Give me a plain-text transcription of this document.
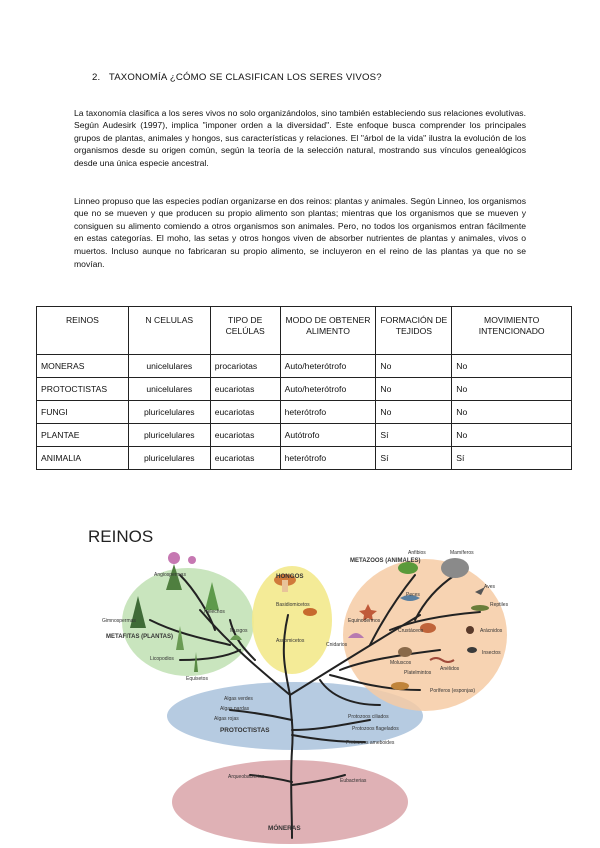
2. TAXONOMÍA ¿CÓMO SE CLASIFICAN LOS SERES VIVOS?

La taxonomía clasifica a los seres vivos no solo organizándolos, sino también estableciendo sus relaciones evolutivas. Según Audesirk (1997), implica "imponer orden a la diversidad". Este enfoque busca comprender los principales grupos de plantas, animales y hongos, sus características y relaciones. El "árbol de la vida" ilustra la evolución de los organismos desde su origen común, según la teoría de la selección natural, mostrando sus vínculos genealógicos desde una única especie ancestral.

Linneo propuso que las especies podían organizarse en dos reinos: plantas y animales. Según Linneo, los organismos que no se mueven y que producen su propio alimento son plantas; mientras que los organismos que se mueven y consiguen su alimento comiendo a otros organismos son animales. Pero, no todos los organismos entran fácilmente en estas categorías. El moho, las setas y otros hongos viven de absorber nutrientes de plantas y animales, vivos o muertos. Incluso aunque no fabricaran su propio alimento, se incluyeron en el reino de las plantas ya que no se movían.

REINOS	N CELULAS	TIPO DE CELÚLAS	MODO DE OBTENER ALIMENTO	FORMACIÓN DE TEJIDOS	MOVIMIENTO INTENCIONADO
MONERAS	unicelulares	procariotas	Auto/heterótrofo	No	No
PROTOCTISTAS	unicelulares	eucariotas	Auto/heterótrofo	No	No
FUNGI	pluricelulares	eucariotas	heterótrofo	No	No
PLANTAE	pluricelulares	eucariotas	Autótrofo	Sí	No
ANIMALIA	pluricelulares	eucariotas	heterótrofo	Sí	Sí
REINOS
METAFITAS (PLANTAS)
HONGOS
METAZOOS (ANIMALES)
PROTOCTISTAS
MÓNERAS
Angiospermas
Gimnospermas
Helechos
Musgos
Licopodios
Equisetos
Basidiomicetos
Ascomicetos
Anfibios	Mamíferos
Aves
Reptiles
Peces
Equinodermos
Arácnidos
Crustáceos
Insectos
Cnidarios
Moluscos
Anélidos
Platelmintos
Poríferos (esponjas)
Algas verdes
Algas pardas
Algas rojas	Protozoos ciliados
Protozoos flagelados
Protozoos ameboides
Arqueobacterias
Eubacterias
